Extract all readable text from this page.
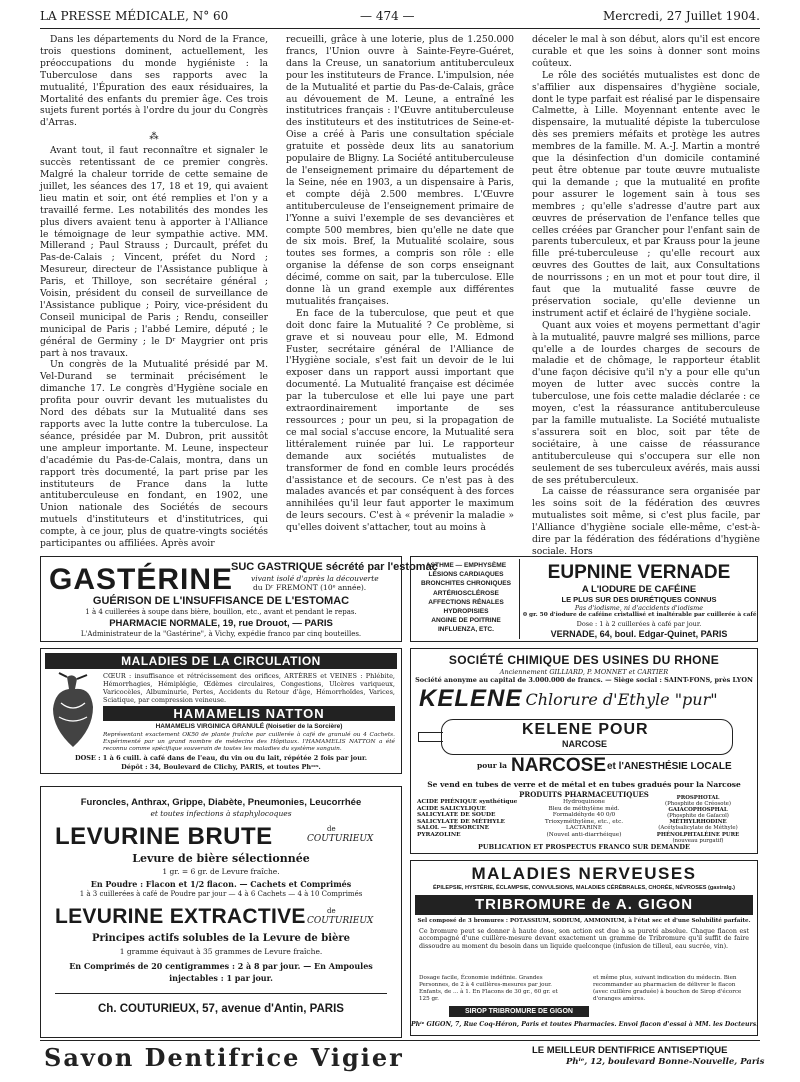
LA PRESSE MÉDICALE, N° 60	— 474 —	Mercredi, 27 Juillet 1904.

Dans les départements du Nord de la France, trois questions dominent, actuellement, les préoccupations du monde hygiéniste : la Tuberculose dans ses rapports avec la mutualité, l'Épuration des eaux résiduaires, la Mortalité des enfants du premier âge. Ces trois sujets furent portés à l'ordre du jour du Congrès d'Arras.

⁂

Avant tout, il faut reconnaître et signaler le succès retentissant de ce premier congrès. Malgré la chaleur torride de cette semaine de juillet, les séances des 17, 18 et 19, qui avaient lieu matin et soir, ont été remplies et l'on y a travaillé ferme. Les notabilités des mondes les plus divers avaient tenu à apporter à l'Alliance le témoignage de leur sympathie active. MM. Millerand ; Paul Strauss ; Durcault, préfet du Pas-de-Calais ; Vincent, préfet du Nord ; Mesureur, directeur de l'Assistance publique à Paris, et Thilloye, son secrétaire général ; Voisin, président du conseil de surveillance de l'Assistance publique ; Poiry, vice-président du Conseil municipal de Paris ; Rendu, conseiller municipal de Paris ; l'abbé Lemire, député ; le général de Germiny ; le Dʳ Maygrier ont pris part à nos travaux.

Un congrès de la Mutualité présidé par M. Vel-Durand se terminait précisément le dimanche 17. Le congrès d'Hygiène sociale en profita pour ouvrir devant les mutualistes du Nord des débats sur la Mutualité dans ses rapports avec la lutte contre la tuberculose. La séance, présidée par M. Dubron, prit aussitôt une ampleur importante. M. Leune, inspecteur d'académie du Pas-de-Calais, montra, dans un rapport très documenté, la part prise par les instituteurs de France dans la lutte antituberculeuse en fondant, en 1902, une Union nationale des Sociétés de secours mutuels d'instituteurs et d'institutrices, qui compte, à ce jour, plus de quatre-vingts sociétés participantes ou affiliées. Après avoir

recueilli, grâce à une loterie, plus de 1.250.000 francs, l'Union ouvre à Sainte-Feyre-Guéret, dans la Creuse, un sanatorium antituberculeux pour les instituteurs de France. L'impulsion, née de la Mutualité et partie du Pas-de-Calais, grâce au dévouement de M. Leune, a entraîné les institutrices français : l'Œuvre antituberculeuse des instituteurs et des institutrices de Seine-et-Oise a créé à Paris une consultation spéciale gratuite et possède deux lits au sanatorium populaire de Bligny. La Société antituberculeuse de l'enseignement primaire du département de la Seine, née en 1903, a un dispensaire à Paris, et compte déjà 2.500 membres. L'Œuvre antituberculeuse de l'enseignement primaire de l'Yonne a suivi l'exemple de ses devancières et compte 500 membres, bien qu'elle ne date que de six mois. Bref, la Mutualité scolaire, sous toutes ses formes, a compris son rôle : elle organise la défense de son corps enseignant décimé, comme on sait, par la tuberculose. Elle donne là un grand exemple aux différentes mutualités françaises.

En face de la tuberculose, que peut et que doit donc faire la Mutualité ? Ce problème, si grave et si nouveau pour elle, M. Edmond Fuster, secrétaire général de l'Alliance de l'Hygiène sociale, s'est fait un devoir de le lui exposer dans un rapport aussi important que documenté. La Mutualité française est décimée par la tuberculose et elle lui paye une part extraordinairement importante de ses ressources ; pour un peu, si la propagation de ce mal social s'accuse encore, la Mutualité sera littéralement ruinée par lui. Le rapporteur demande aux sociétés mutualistes de transformer de fond en comble leurs procédés d'assistance et de secours. Ce n'est pas à des malades avancés et par conséquent à des forces annihilées qu'il leur faut apporter le maximum de leurs secours. C'est à « prévenir la maladie » qu'elles doivent s'attacher, tout au moins à

déceler le mal à son début, alors qu'il est encore curable et que les soins à donner sont moins coûteux.

Le rôle des sociétés mutualistes est donc de s'affilier aux dispensaires d'hygiène sociale, dont le type parfait est réalisé par le dispensaire Calmette, à Lille. Moyennant entente avec le dispensaire, la mutualité dépiste la tuberculose dès ses premiers méfaits et protège les autres membres de la famille. M. A.-J. Martin a montré que la désinfection d'un domicile contaminé peut être obtenue par toute œuvre mutualiste qui la demande ; que la mutualité en profite pour assurer le logement sain à tous ses membres ; qu'elle s'adresse d'autre part aux œuvres de préservation de l'enfance telles que celles créées par Grancher pour l'enfant sain de parents tuberculeux, et par Krauss pour la jeune fille pré-tuberculeuse ; qu'elle recourt aux œuvres des Gouttes de lait, aux Consultations de nourrissons ; en un mot et pour tout dire, il faut que la mutualité fasse œuvre de préservation sociale, qu'elle devienne un instrument actif et éclairé de l'hygiène sociale.

Quant aux voies et moyens permettant d'agir à la mutualité, pauvre malgré ses millions, parce qu'elle a de lourdes charges de secours de maladie et de chômage, le rapporteur établit d'une façon décisive qu'il n'y a pour elle qu'un moyen de lutter avec succès contre la tuberculose, une fois cette maladie déclarée : ce moyen, c'est la réassurance antituberculeuse par la famille mutualiste. La Société mutualiste s'assurera soit en bloc, soit par tête de sociétaire, à une caisse de réassurance antituberculeuse qui s'occupera sur elle non seulement de ses tuberculeux avérés, mais aussi de ses prétuberculeux.

La caisse de réassurance sera organisée par les soins soit de la fédération des œuvres mutualistes soit même, si c'est plus facile, par l'Alliance d'hygiène sociale elle-même, c'est-à-dire par la fédération des fédérations d'hygiène sociale. Hors

GASTÉRINE
SUC GASTRIQUE sécrété par l'estomac
vivant isolé d'après la découverte
du Dʳ FREMONT (10ᵉ année).
GUÉRISON DE L'INSUFFISANCE DE L'ESTOMAC
1 à 4 cuillerées à soupe dans bière, bouillon, etc., avant et pendant le repas.
PHARMACIE NORMALE, 19, rue Drouot, — PARIS
L'Administrateur de la "Gastérine", à Vichy, expédie franco par cinq bouteilles.
ASTHME — EMPHYSÈME
LÉSIONS CARDIAQUES
BRONCHITES CHRONIQUES
ARTÉRIOSCLÉROSE
AFFECTIONS RÉNALES
HYDROPISIES
ANGINE DE POITRINE
INFLUENZA, ETC.
EUPNINE VERNADE
A L'IODURE DE CAFÉINE
LE PLUS SUR DES DIURÉTIQUES CONNUS
Pas d'iodisme, ni d'accidents d'iodisme
0 gr. 50 d'iodure de caféine cristallisé et inaltérable par cuillerée à café
Dose : 1 à 2 cuillerées à café par jour.
VERNADE, 64, boul. Edgar-Quinet, PARIS
MALADIES DE LA CIRCULATION
CŒUR : insuffisance et rétrécissement des orifices, ARTÈRES et VEINES : Phlébite, Hémorrhagies, Hémiplégie, Œdèmes circulaires, Congestions, Ulcères variqueux, Varicocèles, Albuminurie, Pertes, Accidents du Retour d'âge, Hémorrhoïdes, Varices, Sciatique, par compression veineuse.
HAMAMELIS NATTON
HAMAMELIS VIRGINICA GRANULÉ (Noisetier de la Sorcière)
Représentant exactement OK50 de plante fraîche par cuillerée à café de granulé ou 4 Cachets. Expérimenté par un grand nombre de médecins des Hôpitaux. l'HAMAMELIS NATTON a été reconnu comme spécifique souverain de toutes les maladies du système sanguin.
DOSE : 1 à 6 cuill. à café dans de l'eau, du vin ou du lait, répétée 2 fois par jour.
Dépôt : 34, Boulevard de Clichy, PARIS, et toutes Phᶦᵉˢ.
SOCIÉTÉ CHIMIQUE DES USINES DU RHONE
Anciennement GILLIARD, P. MONNET et CARTIER
Société anonyme au capital de 3.000.000 de francs. — Siège social : SAINT-FONS, près LYON
KELENE
: Chlorure d'Ethyle "pur"
KELENE POUR
NARCOSE
pour la NARCOSE et l'ANESTHÉSIE LOCALE
Se vend en tubes de verre et de métal et en tubes gradués pour la Narcose
PRODUITS PHARMACEUTIQUES
ACIDE PHÉNIQUE synthétique
ACIDE SALICYLIQUE
SALICYLATE DE SOUDE
SALICYLATE DE MÉTHYLE
SALOL — RÉSORCINE
PYRAZOLINE
Hydroquinone
Bleu de méthylène méd.
Formaldéhyde 40 0/0
Trioxyméthylène, etc., etc.
LACTARINE
(Nouvel anti-diarrhéique)
PROSPHOTAL
(Phosphite de Créosote)
GAIACOPHOSPHAL
(Phosphite de Gaïacol)
MÉTHYLRHODINE
(Acétylsalicylate de Méthyle)
PHÉNOLPHTALÉINE PURE
(nouveau purgatif)
PUBLICATION ET PROSPECTUS FRANCO SUR DEMANDE
Furoncles, Anthrax, Grippe, Diabète, Pneumonies, Leucorrhée
et toutes infections à staphylocoques
LEVURINE BRUTE	de
COUTURIEUX
Levure de bière sélectionnée
1 gr. = 6 gr. de Levure fraîche.
En Poudre : Flacon et 1/2 flacon. — Cachets et Comprimés
1 à 3 cuillerées à café de Poudre par jour — 4 à 6 Cachets — 4 à 10 Comprimés
LEVURINE EXTRACTIVE	de
COUTURIEUX
Principes actifs solubles de la Levure de bière
1 gramme équivaut à 35 grammes de Levure fraîche.
En Comprimés de 20 centigrammes : 2 à 8 par jour. — En Ampoules
injectables : 1 par jour.
Ch. COUTURIEUX, 57, avenue d'Antin, PARIS
MALADIES NERVEUSES
ÉPILEPSIE, HYSTÉRIE, ÉCLAMPSIE, CONVULSIONS, MALADIES CÉRÉBRALES, CHORÉE, NÉVROSES (gastralg.)
TRIBROMURE de A. GIGON
Sel composé de 3 bromures : POTASSIUM, SODIUM, AMMONIUM, à l'état sec et d'une Solubilité parfaite.
Ce bromure peut se donner à haute dose, son action est due à sa pureté absolue. Chaque flacon est accompagné d'une cuillère-mesure devant exactement un gramme de Tribromure qu'il suffit de faire dissoudre au moment du besoin dans un liquide quelconque (infusion de tilleul, eau sucrée, vin).
Dosage facile, Économie indéfinie. Grandes Personnes, de 2 à 4 cuillères-mesures par jour. Enfants, de ... à 1. En Flacons de 30 gr., 60 gr. et 125 gr.
SIROP TRIBROMURE DE GIGON
et même plus, suivant indication du médecin. Bien recommander au pharmacien de délivrer le flacon (avec cuillère graduée) à bouchon de Sirop d'écorce d'oranges amères.
Phⁱᵉ GIGON, 7, Rue Coq-Héron, Paris et toutes Pharmacies. Envoi flacon d'essai à MM. les Docteurs.
Savon Dentifrice Vigier	LE MEILLEUR DENTIFRICE ANTISEPTIQUE
Phⁱᵉ, 12, boulevard Bonne-Nouvelle, Paris
